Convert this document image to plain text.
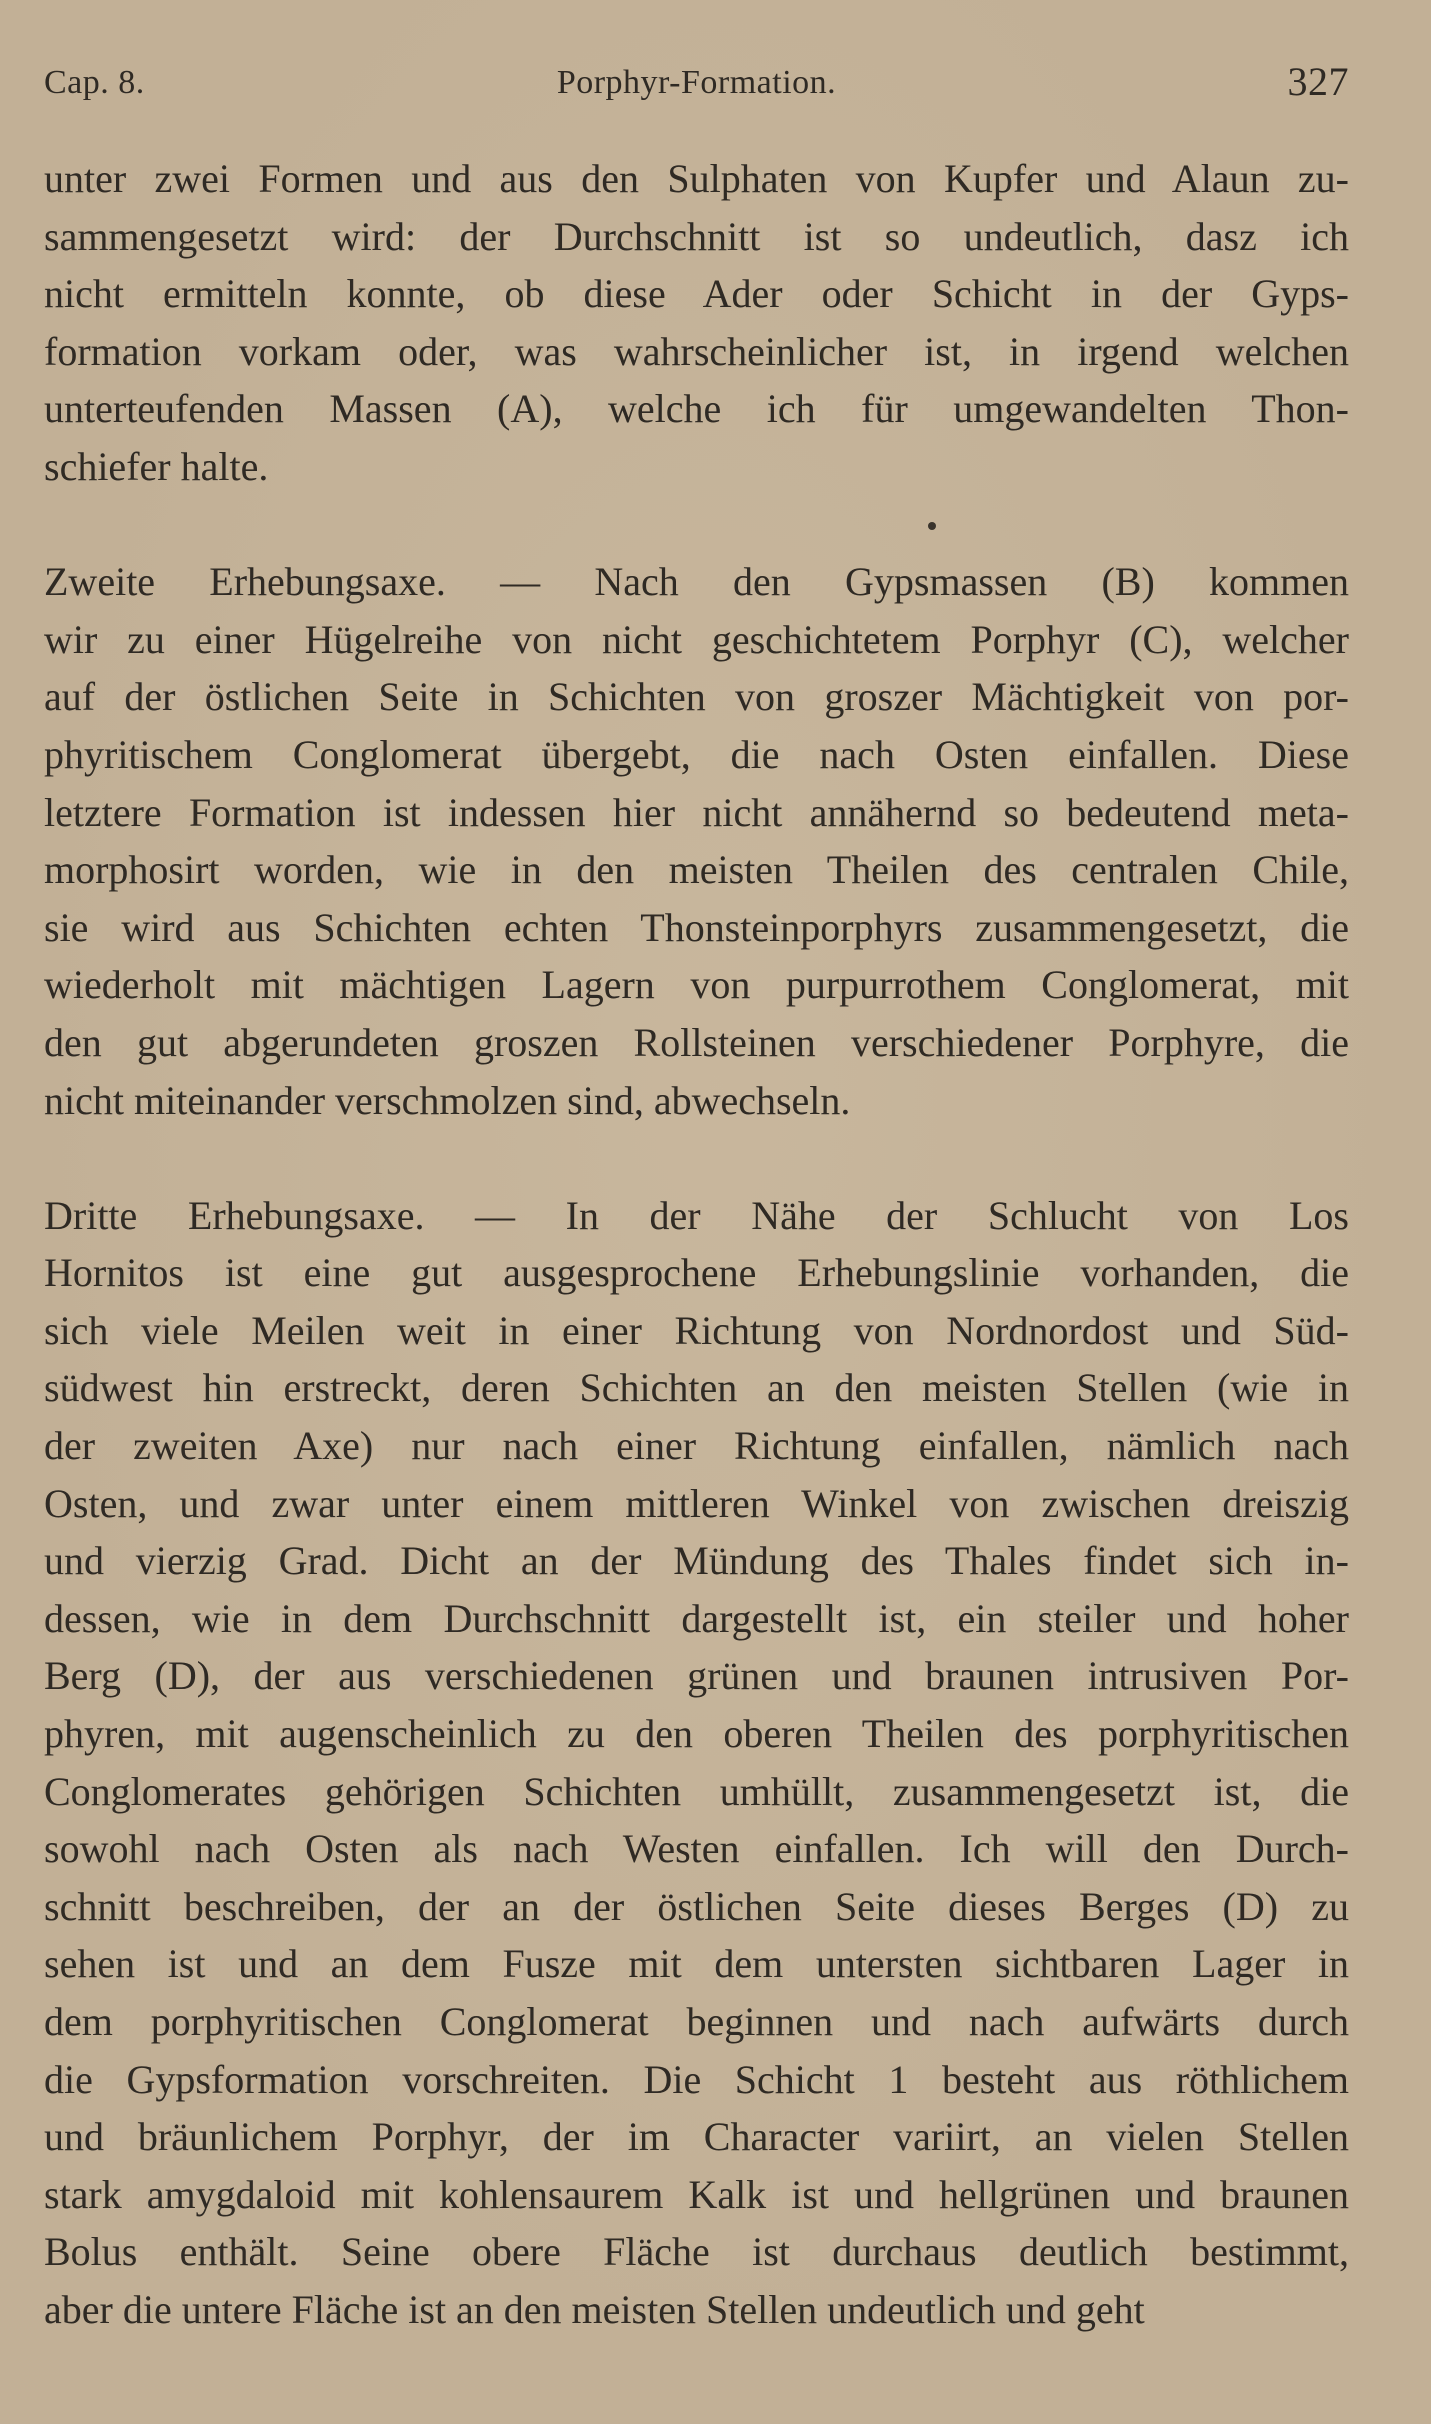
Cap. 8.	Porphyr-Formation.	327
unter zwei Formen und aus den Sulphaten von Kupfer und Alaun zu-
sammengesetzt wird: der Durchschnitt ist so undeutlich, dasz ich
nicht ermitteln konnte, ob diese Ader oder Schicht in der Gyps-
formation vorkam oder, was wahrscheinlicher ist, in irgend welchen
unterteufenden Massen (A), welche ich für umgewandelten Thon-
schiefer halte.
Zweite Erhebungsaxe. — Nach den Gypsmassen (B) kommen
wir zu einer Hügelreihe von nicht geschichtetem Porphyr (C), welcher
auf der östlichen Seite in Schichten von groszer Mächtigkeit von por-
phyritischem Conglomerat übergebt, die nach Osten einfallen. Diese
letztere Formation ist indessen hier nicht annähernd so bedeutend meta-
morphosirt worden, wie in den meisten Theilen des centralen Chile,
sie wird aus Schichten echten Thonsteinporphyrs zusammengesetzt, die
wiederholt mit mächtigen Lagern von purpurrothem Conglomerat, mit
den gut abgerundeten groszen Rollsteinen verschiedener Porphyre, die
nicht miteinander verschmolzen sind, abwechseln.
Dritte Erhebungsaxe. — In der Nähe der Schlucht von Los
Hornitos ist eine gut ausgesprochene Erhebungslinie vorhanden, die
sich viele Meilen weit in einer Richtung von Nordnordost und Süd-
südwest hin erstreckt, deren Schichten an den meisten Stellen (wie in
der zweiten Axe) nur nach einer Richtung einfallen, nämlich nach
Osten, und zwar unter einem mittleren Winkel von zwischen dreiszig
und vierzig Grad. Dicht an der Mündung des Thales findet sich in-
dessen, wie in dem Durchschnitt dargestellt ist, ein steiler und hoher
Berg (D), der aus verschiedenen grünen und braunen intrusiven Por-
phyren, mit augenscheinlich zu den oberen Theilen des porphyritischen
Conglomerates gehörigen Schichten umhüllt, zusammengesetzt ist, die
sowohl nach Osten als nach Westen einfallen. Ich will den Durch-
schnitt beschreiben, der an der östlichen Seite dieses Berges (D) zu
sehen ist und an dem Fusze mit dem untersten sichtbaren Lager in
dem porphyritischen Conglomerat beginnen und nach aufwärts durch
die Gypsformation vorschreiten. Die Schicht 1 besteht aus röthlichem
und bräunlichem Porphyr, der im Character variirt, an vielen Stellen
stark amygdaloid mit kohlensaurem Kalk ist und hellgrünen und braunen
Bolus enthält. Seine obere Fläche ist durchaus deutlich bestimmt,
aber die untere Fläche ist an den meisten Stellen undeutlich und geht
